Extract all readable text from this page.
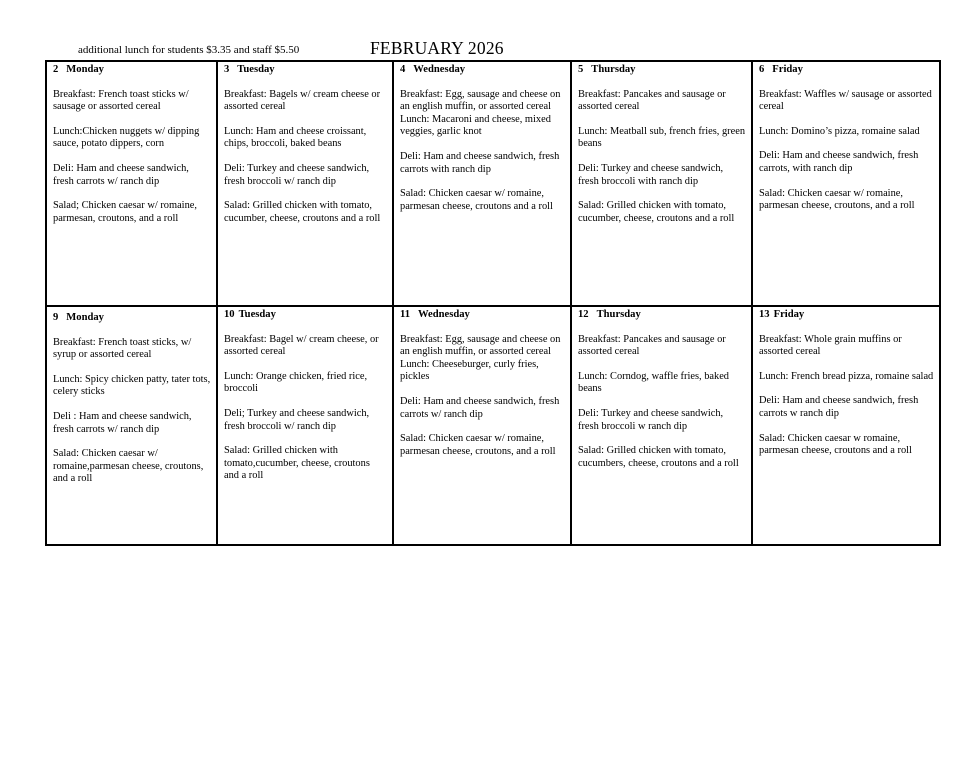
additional lunch for students $3.35 and staff $5.50	FEBRUARY 2026
2 Monday
Breakfast: French toast sticks w/ sausage or assorted cereal
Lunch:Chicken nuggets w/ dipping sauce, potato dippers, corn
Deli: Ham and cheese sandwich, fresh carrots w/ ranch dip
Salad; Chicken caesar w/ romaine, parmesan, croutons, and a roll
3 Tuesday
Breakfast: Bagels w/ cream cheese or assorted cereal
Lunch: Ham and cheese croissant, chips, broccoli, baked beans
Deli: Turkey and cheese sandwich, fresh broccoli w/ ranch dip
Salad: Grilled chicken with tomato, cucumber, cheese, croutons and a roll
4 Wednesday
Breakfast: Egg, sausage and cheese on an english muffin, or assorted cereal
Lunch: Macaroni and cheese, mixed veggies, garlic knot
Deli: Ham and cheese sandwich, fresh carrots with ranch dip
Salad: Chicken caesar w/ romaine, parmesan cheese, croutons and a roll
5 Thursday
Breakfast: Pancakes and sausage or assorted cereal
Lunch: Meatball sub, french fries, green beans
Deli: Turkey and cheese sandwich, fresh broccoli with ranch dip
Salad: Grilled chicken with tomato, cucumber, cheese, croutons and a roll
6 Friday
Breakfast: Waffles w/ sausage or assorted cereal
Lunch: Domino’s pizza, romaine salad
Deli: Ham and cheese sandwich, fresh carrots, with ranch dip
Salad: Chicken caesar w/ romaine, parmesan cheese, croutons, and a roll
9 Monday
Breakfast: French toast sticks, w/ syrup or assorted cereal
Lunch: Spicy chicken patty, tater tots, celery sticks
Deli : Ham and cheese sandwich, fresh carrots w/ ranch dip
Salad: Chicken caesar w/ romaine,parmesan cheese, croutons, and a roll
10 Tuesday
Breakfast: Bagel w/ cream cheese, or assorted cereal
Lunch: Orange chicken, fried rice, broccoli
Deli; Turkey and cheese sandwich, fresh broccoli w/ ranch dip
Salad: Grilled chicken with tomato,cucumber, cheese, croutons and a roll
11 Wednesday
Breakfast: Egg, sausage and cheese on an english muffin, or assorted cereal
Lunch: Cheeseburger, curly fries, pickles
Deli: Ham and cheese sandwich, fresh carrots w/ ranch dip
Salad: Chicken caesar w/ romaine, parmesan cheese, croutons, and a roll
12 Thursday
Breakfast: Pancakes and sausage or assorted cereal
Lunch: Corndog, waffle fries, baked beans
Deli: Turkey and cheese sandwich, fresh broccoli w ranch dip
Salad: Grilled chicken with tomato, cucumbers, cheese, croutons and a roll
13 Friday
Breakfast: Whole grain muffins or assorted cereal
Lunch: French bread pizza, romaine salad
Deli: Ham and cheese sandwich, fresh carrots w ranch dip
Salad: Chicken caesar w romaine, parmesan cheese, croutons and a roll
